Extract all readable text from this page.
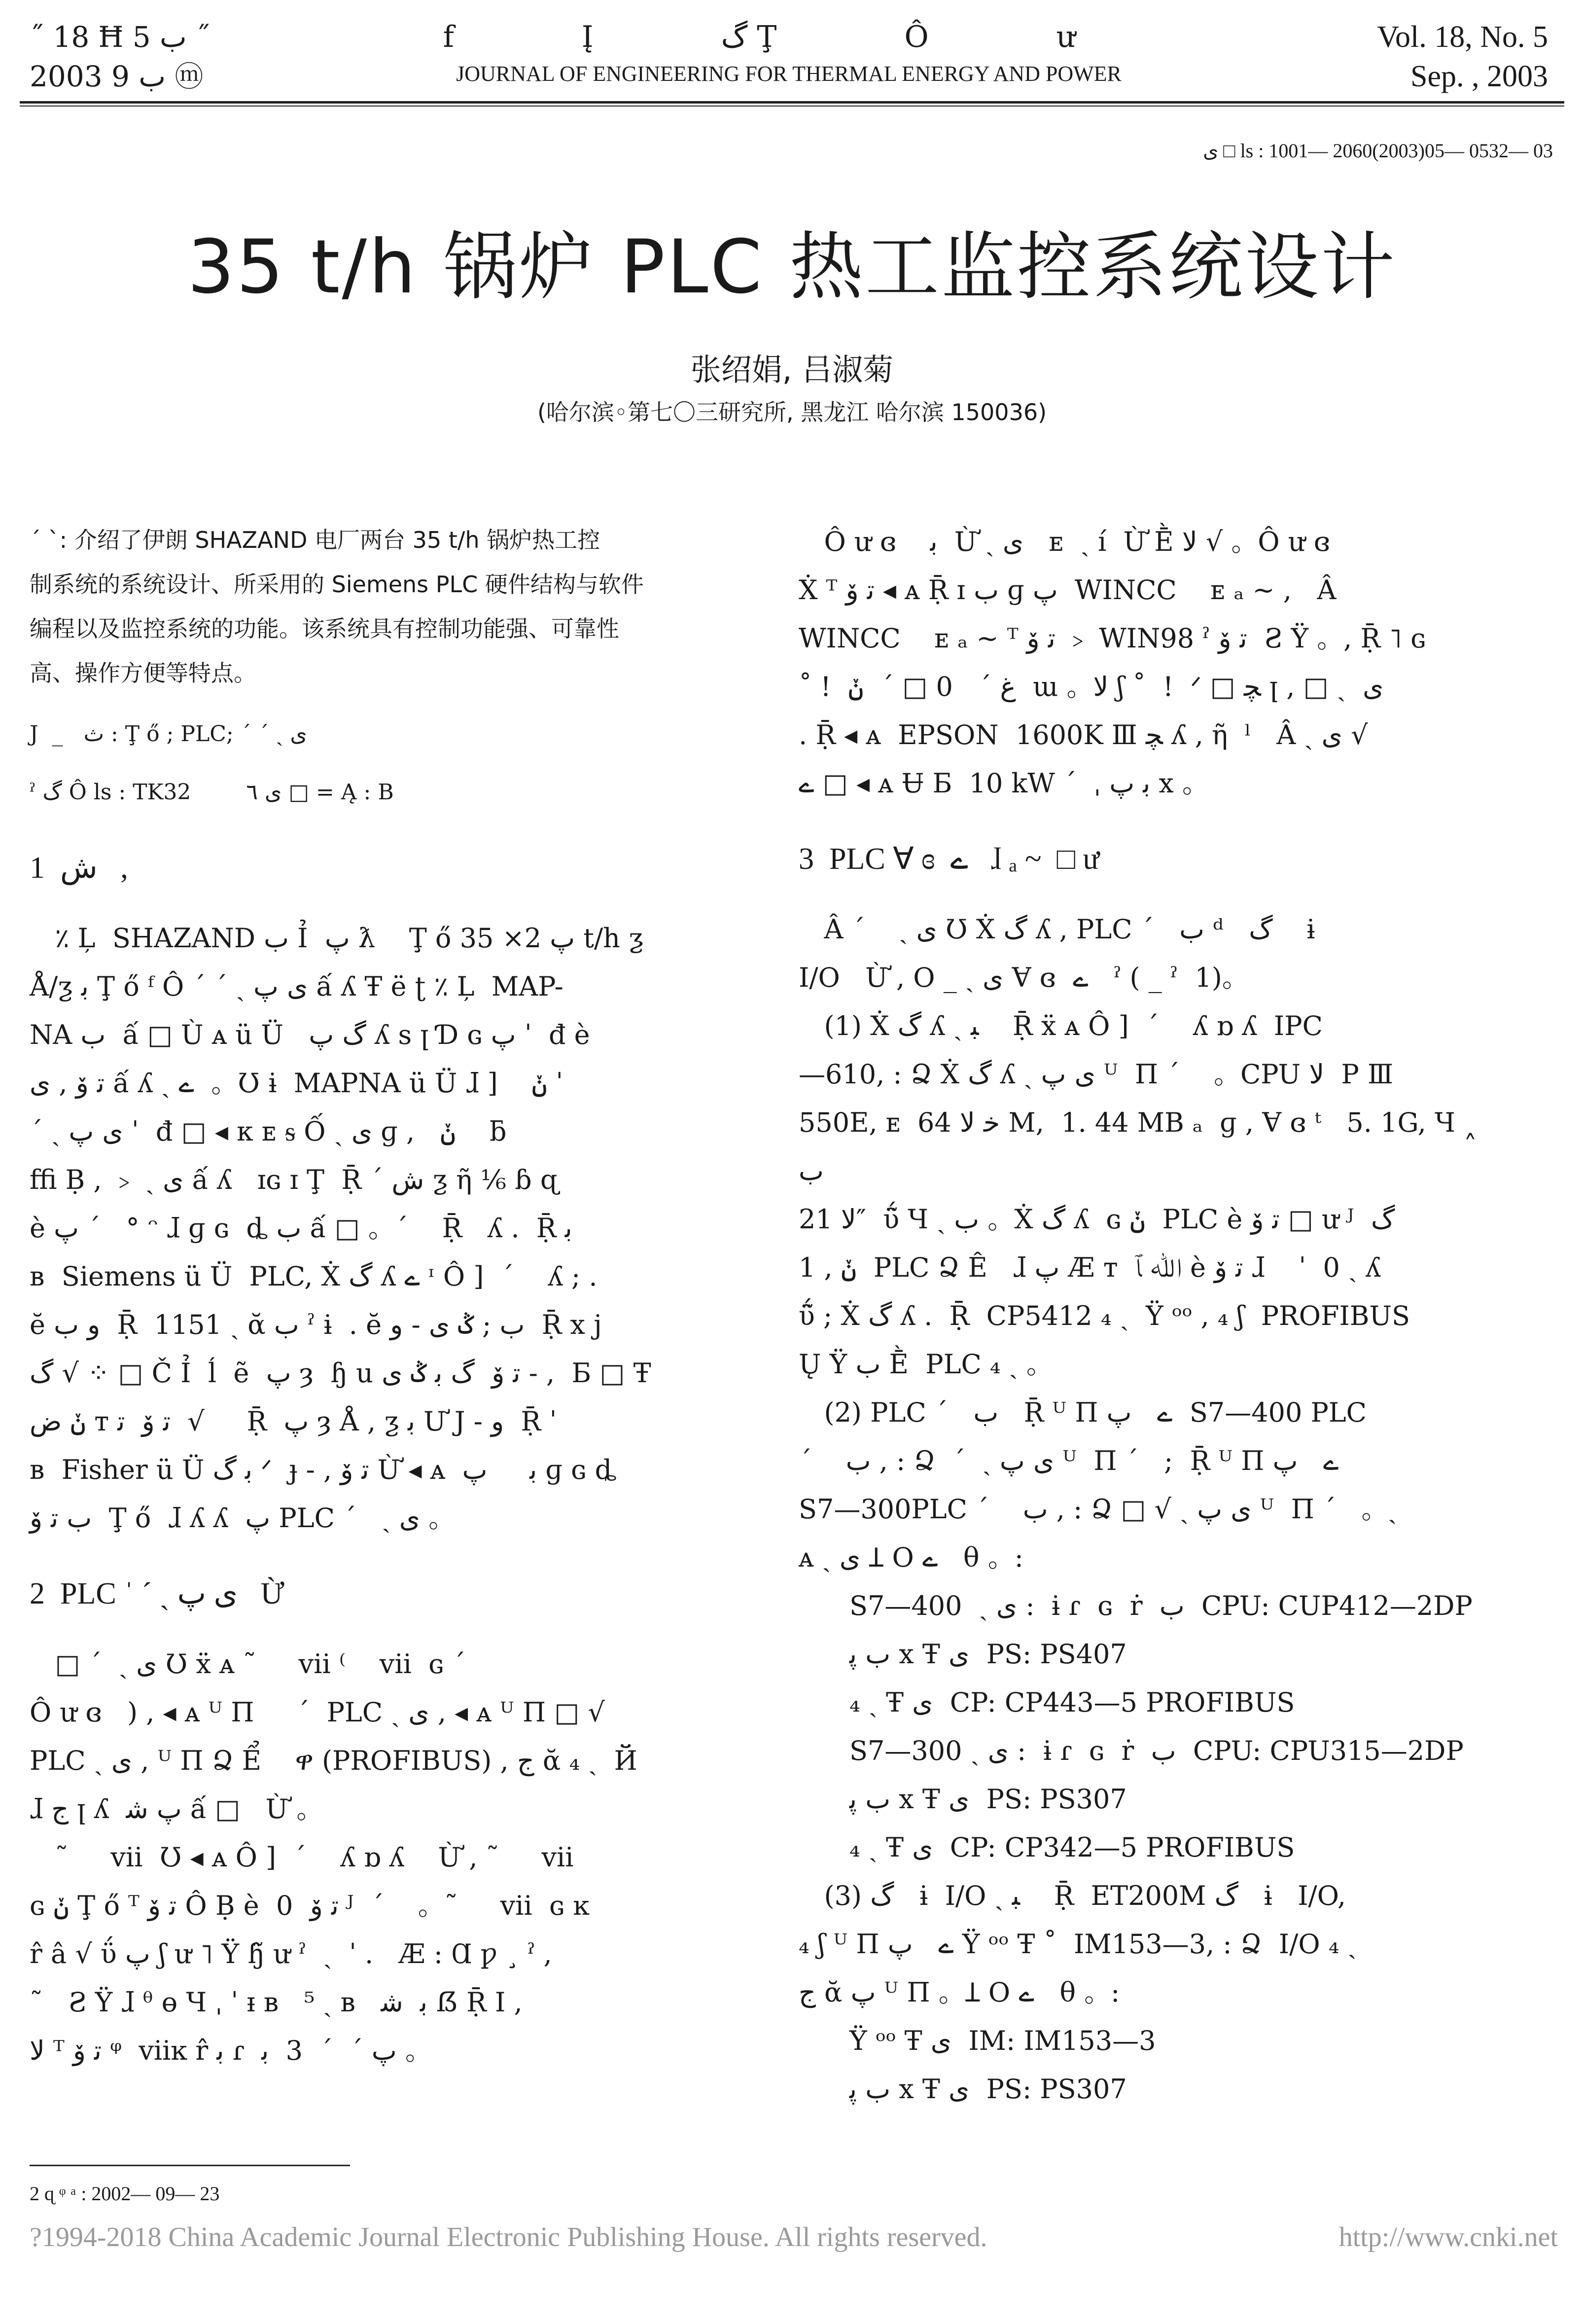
˝ 18 Ħ ب 5 ˝
2003 ب 9 ⓜ
f Į گ Ţ Ô ư
JOURNAL OF ENGINEERING FOR THERMAL ENERGY AND POWER
Vol. 18, No. 5
Sep. , 2003
ی □ ls : 1001— 2060(2003)05— 0532— 03
35 t/h 锅炉 PLC 热工监控系统设计
张绍娟, 吕淑菊
(哈尔滨◦第七〇三研究所, 黑龙江 哈尔滨 150036)
ˊ ˋ: 介绍了伊朗 SHAZAND 电厂两台 35 t/h 锅炉热工控
制系统的系统设计、所采用的 Siemens PLC 硬件结构与软件
编程以及监控系统的功能。该系统具有控制功能强、可靠性
高、操作方便等特点。
J  _   ث : Ţ ő ; PLC; ˊ ˊ ˎ ی
ˀ گ Ô ls : TK32        ی ٦ □ = Ą : B
1  ش   ,
٪ Ļ  SHAZAND ب Ỉ  پ ƛ    Ţ ő پ 2× 35 t/h ƺ
Å/ƺ ﺑ Ţ ő ᶠ Ô ˊ ˊ ˎ ی پ ấ ʎ Ŧ ë ʈ ٪ Ļ  MAP-
NA ب  ấ □ Ù ᴀ ü Ü   گ پ ʎ s ꞁ Ɗ ɢ پ ˈ  đ è
ﺗ ﯙ , ی ấ ʎ ˎ ے  。Ʊ ɨ  MAPNA ü Ü ɺ ]    ݩ ˈ
ˊ ˎ ی پ ˈ  đ □ ◂ ᴋ ᴇ ᵴ Ố ˎ ی ɡ ,   ݩ    ƃ
ﬃ Ḅ , ﹥ ˎ ی ấ ʎ   ɪɢ ɪ Ţ  Ṝ ˊ ش ƺ ῆ ⅙ ɓ ɋ
è پ ˊ   ° ᵔ ɺ ɡ ɢ  ȡ ب ấ □ 。ˊ    Ṝ   ʎ .  Ṝ ﺑ
ʙ  Siemens ü Ü  PLC, Ẋ گ ʎ ے ᶦ Ô ]  ˊ    ʎ ; .
ĕ و ب  Ṝ  1151 ˎ ᾰ ب ˀ ɨ  . ĕ ب ; ݣ ی - و  Ṝ x ј
گ √ ⁘ □ Č Ỉ  ĺ  ẽ  پ ȝ  ɧ u ﺗ ﯙ  گ ﺑ ݣ ی - ,  Б □ Ŧ
ݩ ض ᴛ ﺗ ﯙ  ﺗ  √     Ṝ  پ ȝ Å , ƺ ﺑ Ư J - و  Ṝ ˈ
ʙ  Fisher ü Ü ﺑ گ ᐟ  ɟ - , ﺗ ﯙ Ừ ◂ ᴀ  ﺑ     پ ɡ ɢ ȡ
ب ﺗ ﯙ  Ţ ő  ɺ ʎ ʎ  پ PLC ˊ   ˎ ی 。
2  PLC ˈ ˊ ˎ ی پ   Ừ
□ ˊ  ˎ ی Ʊ ẍ ᴀ ˜     vii ⁽    vii  ɢ ˊ
Ô ư ɞ   ) , ◂ ᴀ ᵁ Π     ˊ  PLC ˎ ی , ◂ ᴀ ᵁ Π □ √
PLC ˎ ی , ᵁ Π Ձ Ể    ዋ (PROFIBUS) , ج ᾰ ₄ ˎ  Й
ɺ ج ꞁ ʎ  پ ﺷ ấ □   Ừ 。
˜     vii  Ʊ ◂ ᴀ Ô ]  ˊ    ʎ ɒ ʎ    Ừ , ˜     vii
ɢ ݩ Ţ ő ᵀ ﺗ ﯙ Ô Ḅ è  ﺗ ﯙ  0 ᴶ  ˊ    。˜     vii  ɢ ĸ
r̂ â √ ΰ پ ʃ ư ˥ Ÿ ɧ̃ ư ˀ  ˎ  ˈ .   Æ : Ɑ ƿ ¸ ˀ ,
˜   Ƨ Ÿ ɺ ᶿ ɵ Ч ˌ ˈ ᵻ ʙ   ⁵ ˎ ʙ   ﺑ  ﺷ ẞ Ṝ Ι ,
ﻻ ᵀ ﺗ ﯙ ᵠ  viiĸ r̂ ﺑ ɾ  پ ˊ  ˊ  3  ﺑ 。
Ô ư ɞ    ﺑ  Ừ ˎ ی   ᴇ  ˎ í  Ừ Ḕ ﻻ √ 。Ô ư ɞ
Ẋ ᵀ ﺗ ﯙ ◂ ᴀ Ṝ ɪ ب ɡ پ  WINCC    ᴇ ₐ ~ ,   Â
WINCC    ᴇ ₐ ~ ᵀ ﺗ ﯙ ﹥ WIN98 ˀ ﺗ ﯙ  Ƨ Ÿ 。, Ṝ ˥ ɢ
˚ !  ﻍ ˊ   0 □ ˊ  ݩ  ɯ 。ﻻ ʃ ˚  !  ᐟ □ ﭽ ꞁ , □ ˎ  ی
. Ṝ ◂ ᴀ  EPSON  1600K Ⅲ ﭽ ʎ , ῆ  ˡ   Â ˎ ی √
ے □ ◂ ᴀ Ʉ Б  10 kW ˊ  ˌ ﺑ پ x 。
3  PLC Ɐ ɞ  ے   ɺ ₐ ~  □ ư
Â ˊ    ˎ ی Ʊ Ẋ گ ʎ , PLC ˊ   ب ᵈ   ﮒ    ɨ
I/O   Ừ , O _ ˎ ی Ɐ ɞ  ے   ˀ ( _ ˀ  1)。
(1) Ẋ گ ʎ ˎ ﺒ    Ṝ ẍ ᴀ Ô ]  ˊ    ʎ ɒ ʎ  IPC
—610, : Ձ Ẋ گ ʎ ˎ ی پ ᵁ  Π ˊ    。CPU ﻻ  P Ⅲ
550E, ᴇ  ﺧ ﻻ 64 M,  1. 44 MB ₐ  ɡ , Ɐ ɞ ᵗ   5. 1G, Ч ˰  ب
ﻻ 21″  ΰ̃ Ч ˎ ب 。Ẋ گ ʎ  ɢ ݩ  PLC è ﺗ ﯙ □ ư ᴶ  گ
1 , ݩ  PLC Ձ Ê   ɺ پ Æ ᴛ  ﷲ ﭑ è ﺗ ﯙ ɺ    ˈ  0 ˎ ʎ
ΰ̃ ; Ẋ گ ʎ .  Ṝ  CP5412 ₄ ˎ  Ÿ ᵒᵒ , ₄ ʃ  PROFIBUS
Ų Ÿ ب Ḕ  PLC ₄ ˎ 。
(2) PLC ˊ   ب   Ṝ ᵁ Π ے   پ  S7—400 PLC
ˊ    ب , : Ձ  ˊ  ˎ ی پ ᵁ  Π ˊ   ;  Ṝ ᵁ Π ے   پ
S7—300PLC ˊ    ب , : Ձ □ √ ˎ ی پ ᵁ  Π ˊ   。ˎ
ᴀ ˎ ی Ʇ O ے   θ 。:
S7—400  ˎ ی :  ɨ ɾ  ɢ  ṙ  ب  CPU: CUP412—2DP
ب ﭘ x Ŧ ی  PS: PS407
₄ ˎ Ŧ ی  CP: CP443—5 PROFIBUS
S7—300 ˎ ی :  ɨ ɾ  ɢ  ṙ  ب  CPU: CPU315—2DP
ب ﭘ x Ŧ ی  PS: PS307
₄ ˎ Ŧ ی  CP: CP342—5 PROFIBUS
(3) ﮒ   ɨ  I/O ˎ ﺒ    Ṝ  ET200M ﮒ   ɨ   I/O,
₄ ʃ ᵁ Π ے   پ Ÿ ᵒᵒ Ŧ ˚  IM153—3, : Ձ  I/O ₄ ˎ
ج ᾰ پ ᵁ Π 。Ʇ O ے   θ 。:
Ÿ ᵒᵒ Ŧ ی  IM: IM153—3
ب ﭘ x Ŧ ی  PS: PS307
2 ɋ ᵠ ᵃ : 2002— 09— 23
?1994-2018 China Academic Journal Electronic Publishing House. All rights reserved.	http://www.cnki.net
